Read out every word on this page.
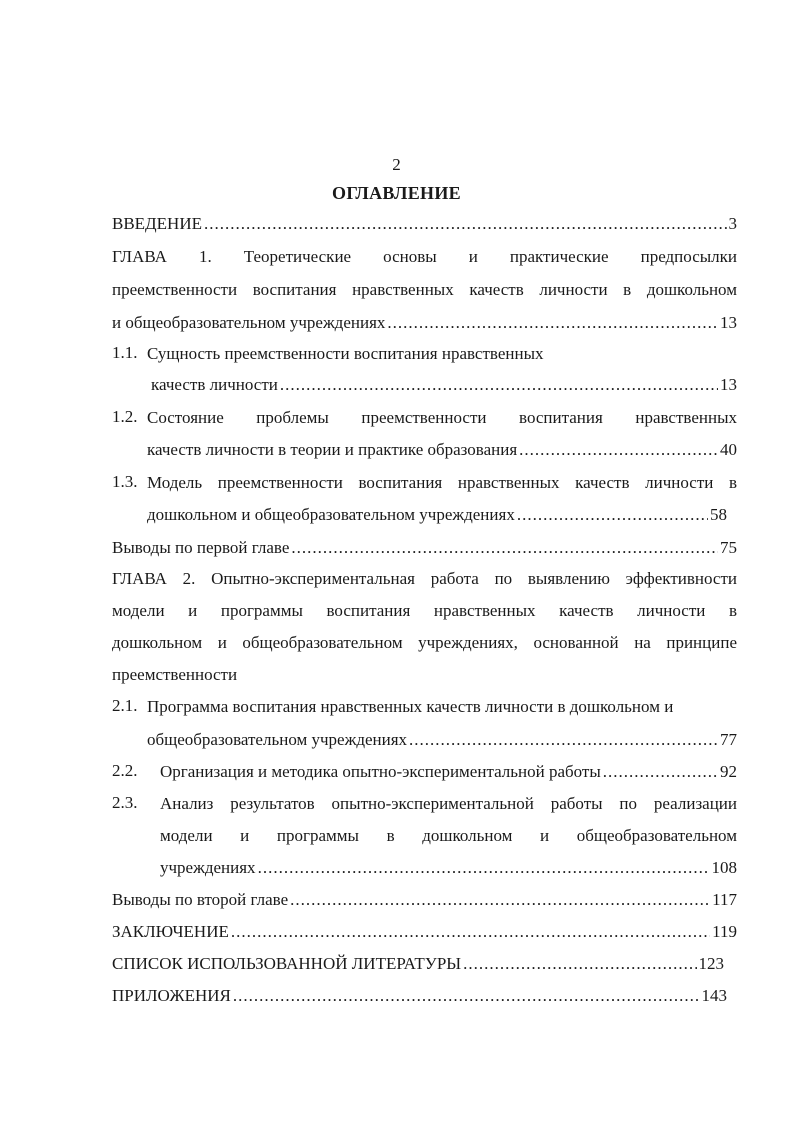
2
ОГЛАВЛЕНИЕ
ВВЕДЕНИЕ .....	3
ГЛАВА 1. Теоретические основы и практические предпосылки
преемственности воспитания нравственных качеств личности в дошкольном
и общеобразовательном учреждениях .....	13
1.1. Сущность преемственности воспитания нравственных
качеств личности .....	13
1.2. Состояние проблемы преемственности воспитания нравственных
качеств личности в теории и практике образования .....	40
1.3. Модель преемственности воспитания нравственных качеств личности в
дошкольном и общеобразовательном учреждениях .....	58
Выводы по первой главе .....	75
ГЛАВА 2. Опытно-экспериментальная работа по выявлению эффективности
модели и программы воспитания нравственных качеств личности в
дошкольном и общеобразовательном учреждениях, основанной на принципе
преемственности
2.1. Программа воспитания нравственных качеств личности в дошкольном и
общеобразовательном учреждениях .....	77
2.2. Организация и методика опытно-экспериментальной работы .....	92
2.3. Анализ результатов опытно-экспериментальной работы по реализации
модели и программы в дошкольном и общеобразовательном
учреждениях .....	108
Выводы по второй главе .....	117
ЗАКЛЮЧЕНИЕ .....	119
СПИСОК ИСПОЛЬЗОВАННОЙ ЛИТЕРАТУРЫ .....	123
ПРИЛОЖЕНИЯ .....	143
